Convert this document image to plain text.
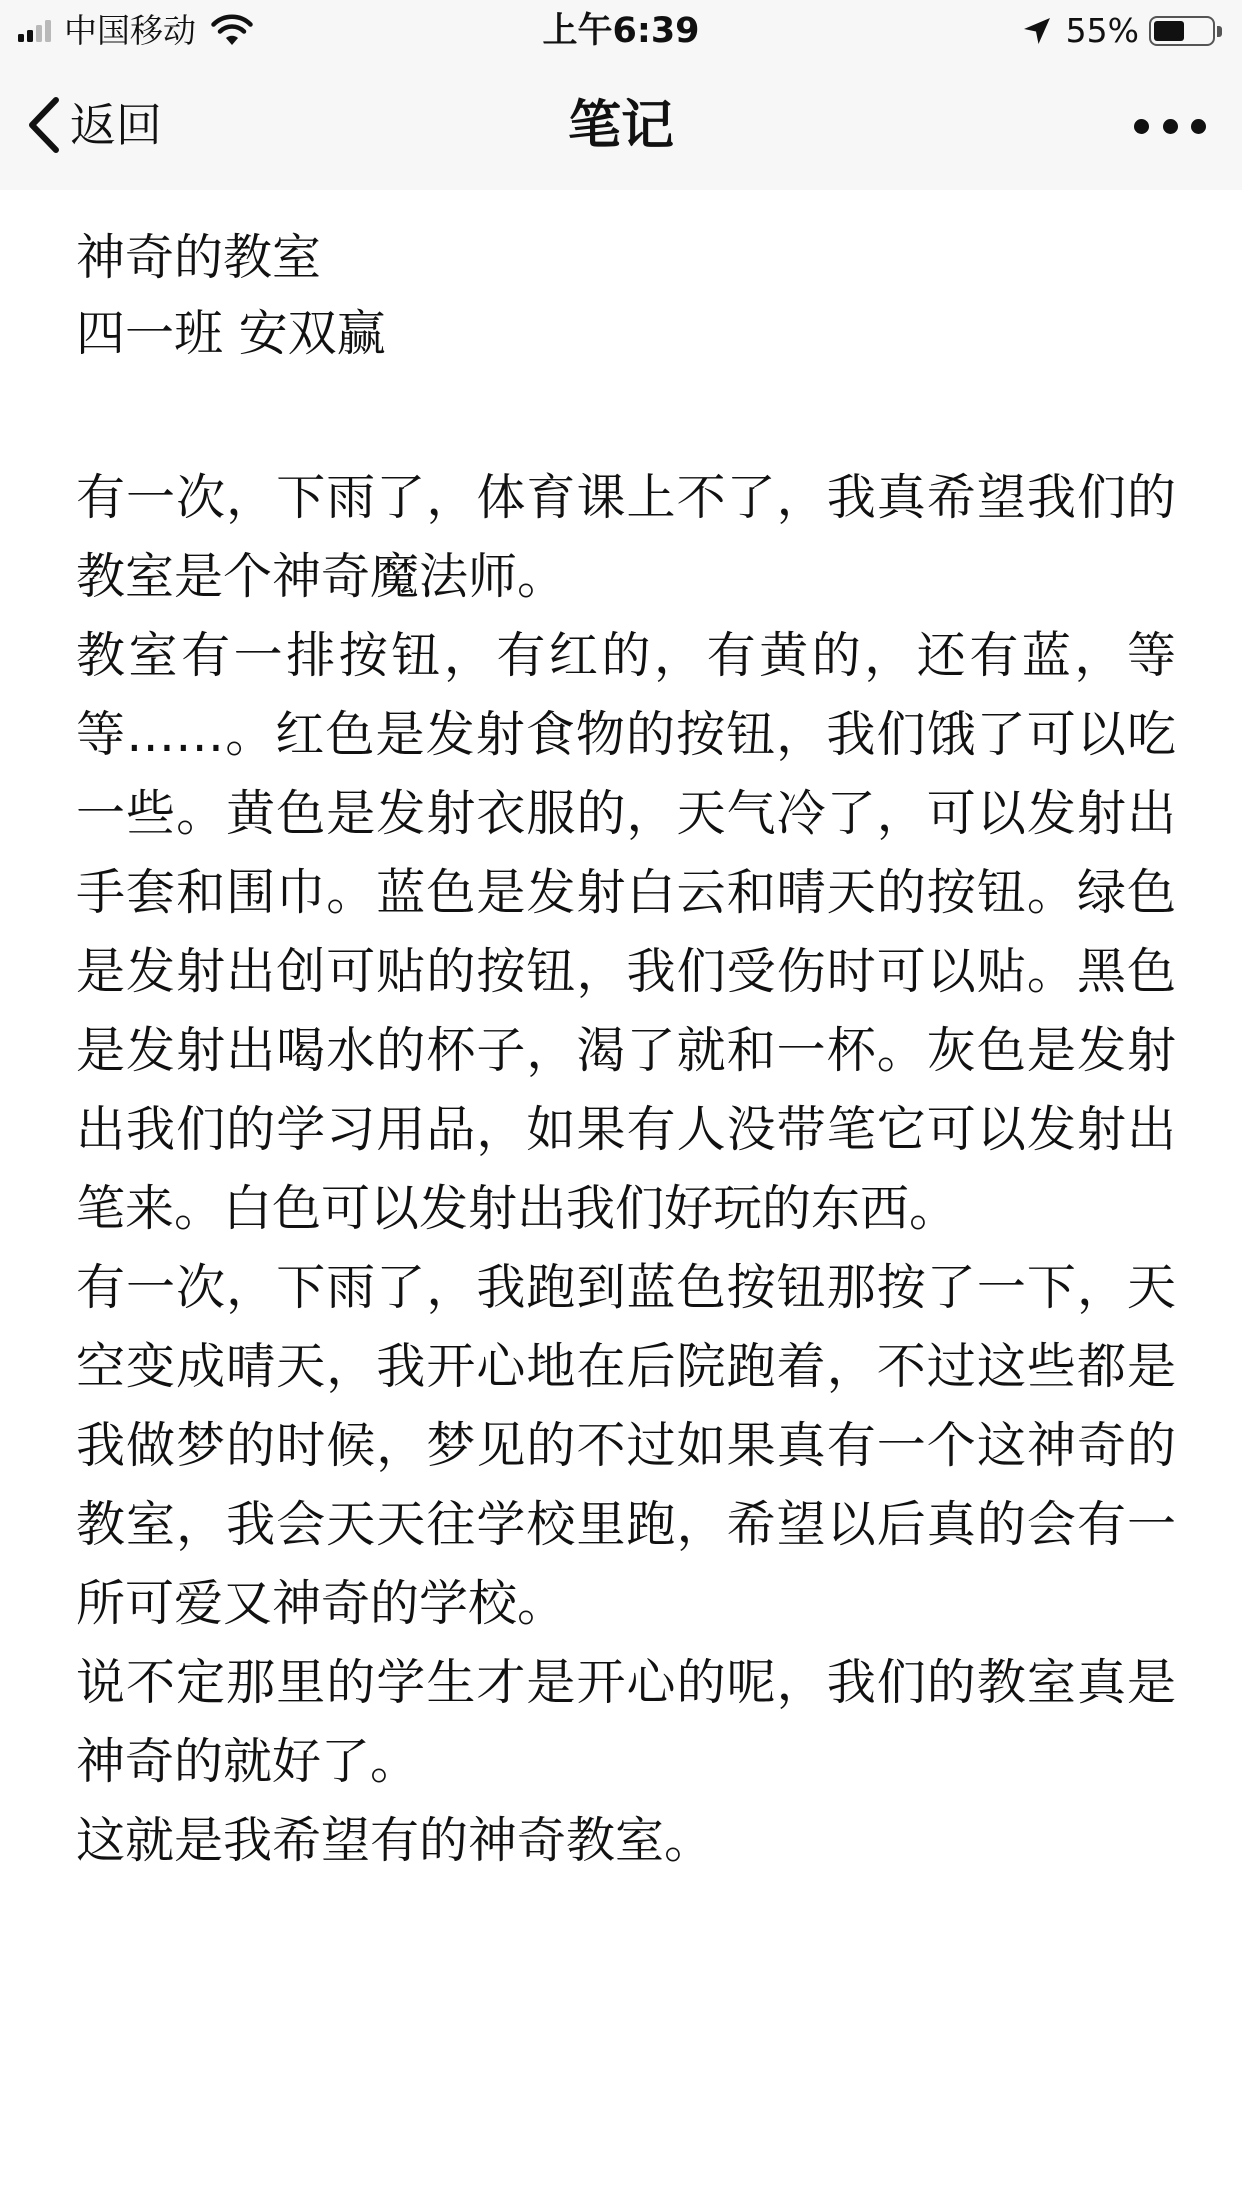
中国移动	上午6:39	55%
返回	笔记

神奇的教室

四一班 安双赢

有一次，下雨了，体育课上不了，我真希望我们的教室是个神奇魔法师。

教室有一排按钮，有红的，有黄的，还有蓝，等等……。红色是发射食物的按钮，我们饿了可以吃一些。黄色是发射衣服的，天气冷了，可以发射出手套和围巾。蓝色是发射白云和晴天的按钮。绿色是发射出创可贴的按钮，我们受伤时可以贴。黑色是发射出喝水的杯子，渴了就和一杯。灰色是发射出我们的学习用品，如果有人没带笔它可以发射出笔来。白色可以发射出我们好玩的东西。

有一次，下雨了，我跑到蓝色按钮那按了一下，天空变成晴天，我开心地在后院跑着，不过这些都是我做梦的时候，梦见的不过如果真有一个这神奇的教室，我会天天往学校里跑，希望以后真的会有一所可爱又神奇的学校。

说不定那里的学生才是开心的呢，我们的教室真是神奇的就好了。

这就是我希望有的神奇教室。
